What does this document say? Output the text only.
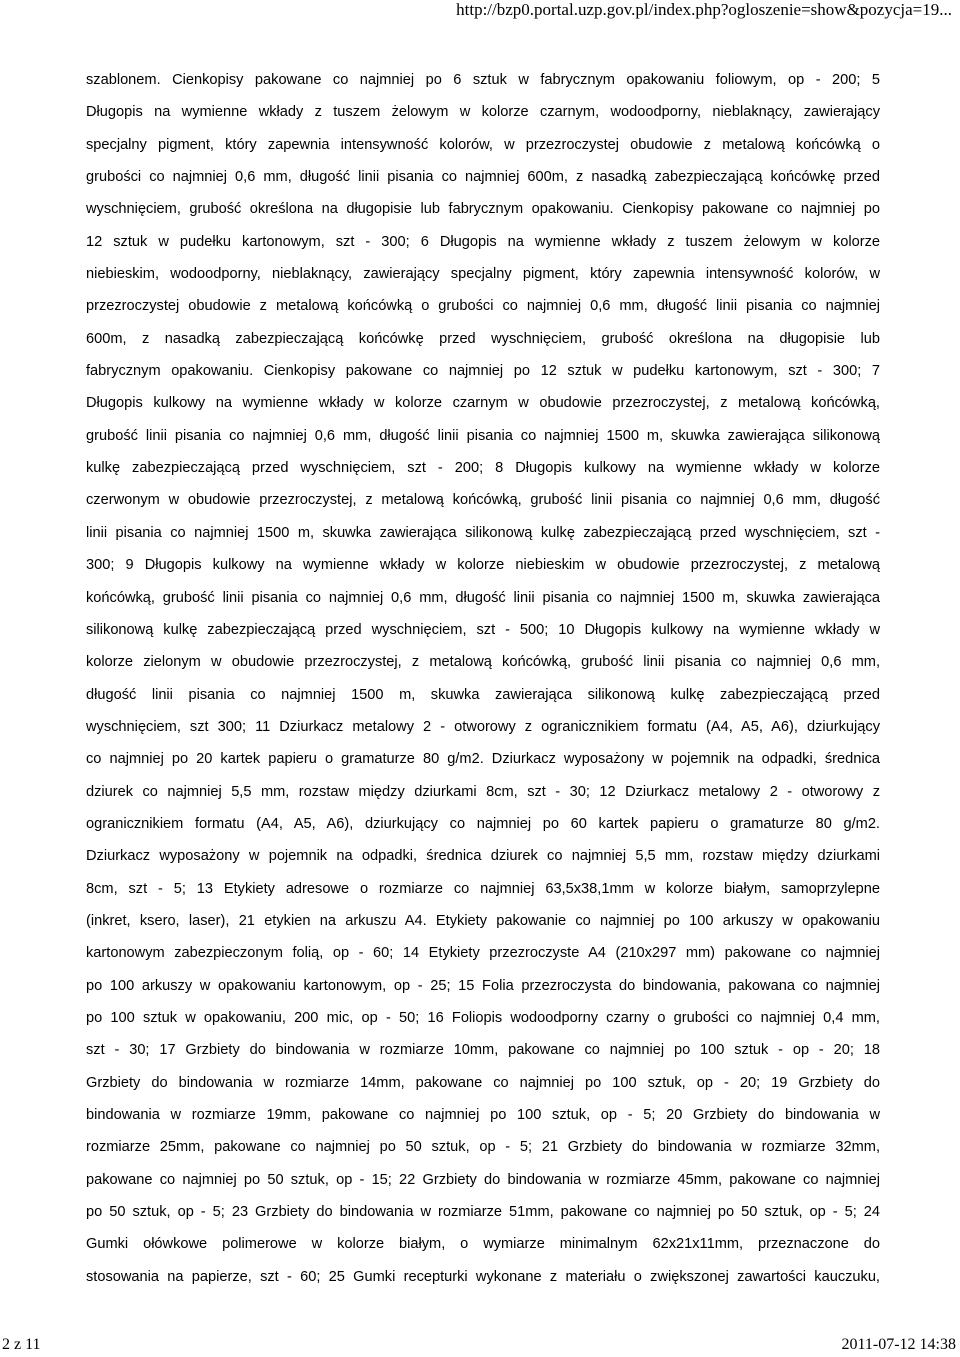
http://bzp0.portal.uzp.gov.pl/index.php?ogloszenie=show&pozycja=19...
szablonem. Cienkopisy pakowane co najmniej po 6 sztuk w fabrycznym opakowaniu foliowym, op - 200; 5
Długopis na wymienne wkłady z tuszem żelowym w kolorze czarnym, wodoodporny, nieblaknący, zawierający
specjalny pigment, który zapewnia intensywność kolorów, w przezroczystej obudowie z metalową końcówką o
grubości co najmniej 0,6 mm, długość linii pisania co najmniej 600m, z nasadką zabezpieczającą końcówkę przed
wyschnięciem, grubość określona na długopisie lub fabrycznym opakowaniu. Cienkopisy pakowane co najmniej po
12 sztuk w pudełku kartonowym, szt - 300; 6 Długopis na wymienne wkłady z tuszem żelowym w kolorze
niebieskim, wodoodporny, nieblaknący, zawierający specjalny pigment, który zapewnia intensywność kolorów, w
przezroczystej obudowie z metalową końcówką o grubości co najmniej 0,6 mm, długość linii pisania co najmniej
600m, z nasadką zabezpieczającą końcówkę przed wyschnięciem, grubość określona na długopisie lub
fabrycznym opakowaniu. Cienkopisy pakowane co najmniej po 12 sztuk w pudełku kartonowym, szt - 300; 7
Długopis kulkowy na wymienne wkłady w kolorze czarnym w obudowie przezroczystej, z metalową końcówką,
grubość linii pisania co najmniej 0,6 mm, długość linii pisania co najmniej 1500 m, skuwka zawierająca silikonową
kulkę zabezpieczającą przed wyschnięciem, szt - 200; 8 Długopis kulkowy na wymienne wkłady w kolorze
czerwonym w obudowie przezroczystej, z metalową końcówką, grubość linii pisania co najmniej 0,6 mm, długość
linii pisania co najmniej 1500 m, skuwka zawierająca silikonową kulkę zabezpieczającą przed wyschnięciem, szt -
300; 9 Długopis kulkowy na wymienne wkłady w kolorze niebieskim w obudowie przezroczystej, z metalową
końcówką, grubość linii pisania co najmniej 0,6 mm, długość linii pisania co najmniej 1500 m, skuwka zawierająca
silikonową kulkę zabezpieczającą przed wyschnięciem, szt - 500; 10 Długopis kulkowy na wymienne wkłady w
kolorze zielonym w obudowie przezroczystej, z metalową końcówką, grubość linii pisania co najmniej 0,6 mm,
długość linii pisania co najmniej 1500 m, skuwka zawierająca silikonową kulkę zabezpieczającą przed
wyschnięciem, szt 300; 11 Dziurkacz metalowy 2 - otworowy z ogranicznikiem formatu (A4, A5, A6), dziurkujący
co najmniej po 20 kartek papieru o gramaturze 80 g/m2. Dziurkacz wyposażony w pojemnik na odpadki, średnica
dziurek co najmniej 5,5 mm, rozstaw między dziurkami 8cm, szt - 30; 12 Dziurkacz metalowy 2 - otworowy z
ogranicznikiem formatu (A4, A5, A6), dziurkujący co najmniej po 60 kartek papieru o gramaturze 80 g/m2.
Dziurkacz wyposażony w pojemnik na odpadki, średnica dziurek co najmniej 5,5 mm, rozstaw między dziurkami
8cm, szt - 5; 13 Etykiety adresowe o rozmiarze co najmniej 63,5x38,1mm w kolorze białym, samoprzylepne
(inkret, ksero, laser), 21 etykien na arkuszu A4. Etykiety pakowanie co najmniej po 100 arkuszy w opakowaniu
kartonowym zabezpieczonym folią, op - 60; 14 Etykiety przezroczyste A4 (210x297 mm) pakowane co najmniej
po 100 arkuszy w opakowaniu kartonowym, op - 25; 15 Folia przezroczysta do bindowania, pakowana co najmniej
po 100 sztuk w opakowaniu, 200 mic, op - 50; 16 Foliopis wodoodporny czarny o grubości co najmniej 0,4 mm,
szt - 30; 17 Grzbiety do bindowania w rozmiarze 10mm, pakowane co najmniej po 100 sztuk - op - 20; 18
Grzbiety do bindowania w rozmiarze 14mm, pakowane co najmniej po 100 sztuk, op - 20; 19 Grzbiety do
bindowania w rozmiarze 19mm, pakowane co najmniej po 100 sztuk, op - 5; 20 Grzbiety do bindowania w
rozmiarze 25mm, pakowane co najmniej po 50 sztuk, op - 5; 21 Grzbiety do bindowania w rozmiarze 32mm,
pakowane co najmniej po 50 sztuk, op - 15; 22 Grzbiety do bindowania w rozmiarze 45mm, pakowane co najmniej
po 50 sztuk, op - 5; 23 Grzbiety do bindowania w rozmiarze 51mm, pakowane co najmniej po 50 sztuk, op - 5; 24
Gumki ołówkowe polimerowe w kolorze białym, o wymiarze minimalnym 62x21x11mm, przeznaczone do
stosowania na papierze, szt - 60; 25 Gumki recepturki wykonane z materiału o zwiększonej zawartości kauczuku,
2 z 11	2011-07-12 14:38
